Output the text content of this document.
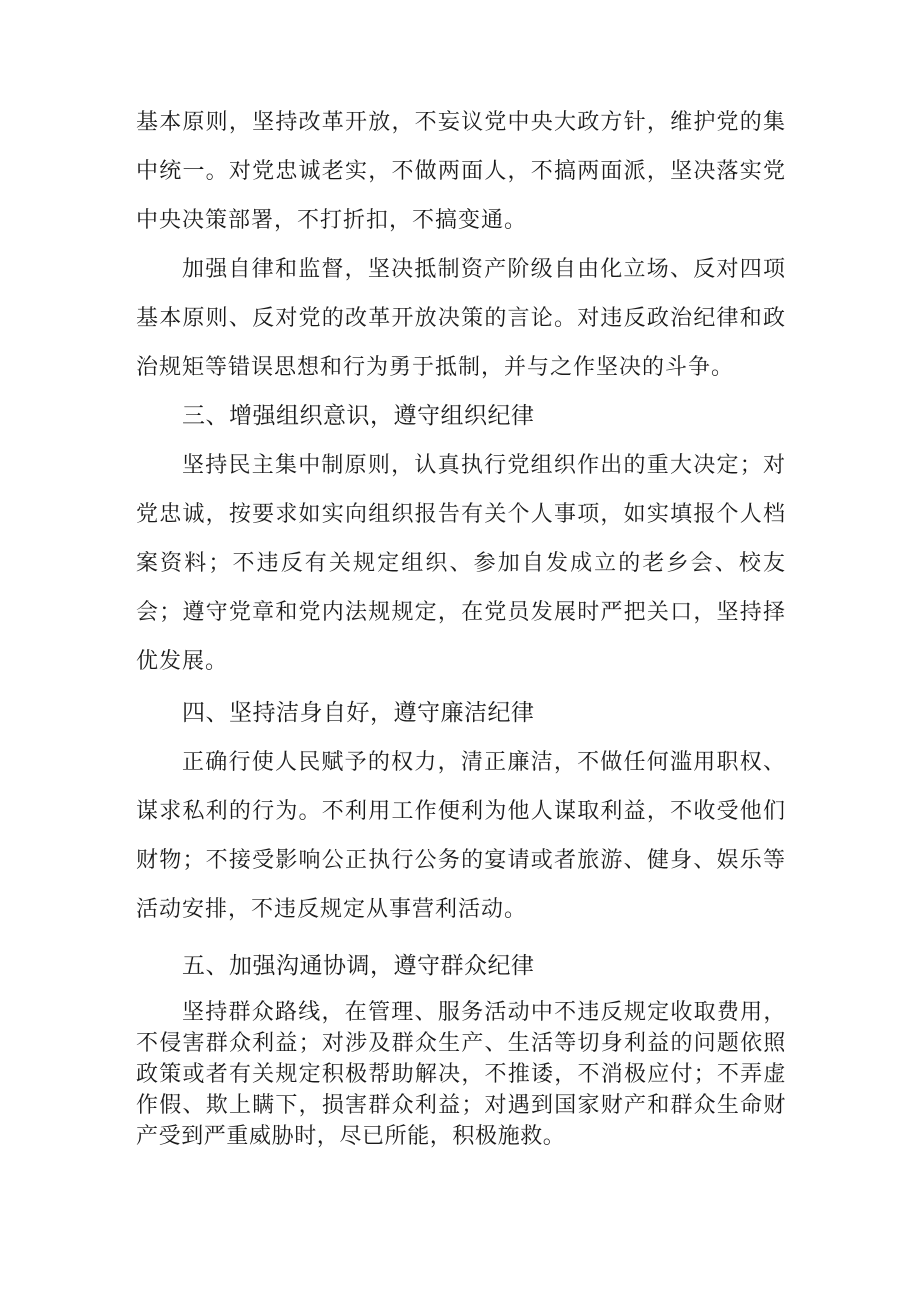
基本原则，坚持改革开放，不妄议党中央大政方针，维护党的集中统一。对党忠诚老实，不做两面人，不搞两面派，坚决落实党中央决策部署，不打折扣，不搞变通。

加强自律和监督，坚决抵制资产阶级自由化立场、反对四项基本原则、反对党的改革开放决策的言论。对违反政治纪律和政治规矩等错误思想和行为勇于抵制，并与之作坚决的斗争。

三、增强组织意识，遵守组织纪律

坚持民主集中制原则，认真执行党组织作出的重大决定；对党忠诚，按要求如实向组织报告有关个人事项，如实填报个人档案资料；不违反有关规定组织、参加自发成立的老乡会、校友会；遵守党章和党内法规规定，在党员发展时严把关口，坚持择优发展。

四、坚持洁身自好，遵守廉洁纪律

正确行使人民赋予的权力，清正廉洁，不做任何滥用职权、谋求私利的行为。不利用工作便利为他人谋取利益，不收受他们财物；不接受影响公正执行公务的宴请或者旅游、健身、娱乐等活动安排，不违反规定从事营利活动。

五、加强沟通协调，遵守群众纪律

坚持群众路线，在管理、服务活动中不违反规定收取费用，不侵害群众利益；对涉及群众生产、生活等切身利益的问题依照政策或者有关规定积极帮助解决，不推诿，不消极应付；不弄虚作假、欺上瞒下，损害群众利益；对遇到国家财产和群众生命财产受到严重威胁时，尽已所能，积极施救。
